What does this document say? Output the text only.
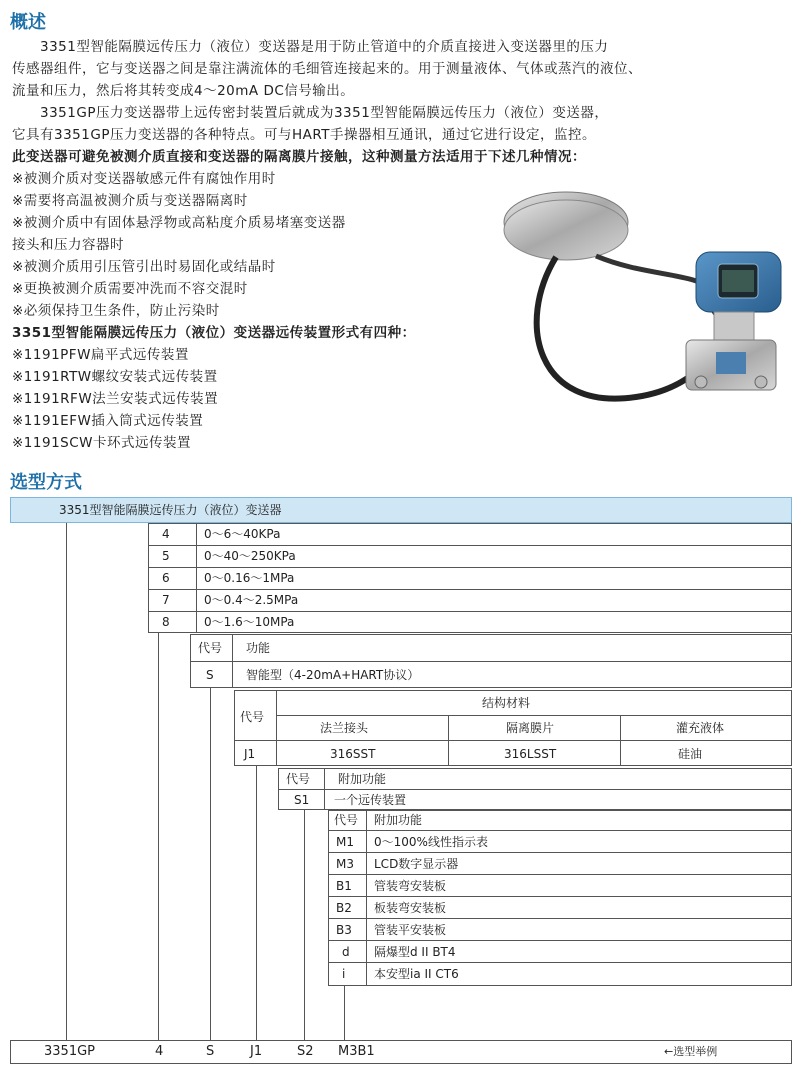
概述
　　3351型智能隔膜远传压力（液位）变送器是用于防止管道中的介质直接进入变送器里的压力
传感器组件，它与变送器之间是靠注满流体的毛细管连接起来的。用于测量液体、气体或蒸汽的液位、
流量和压力，然后将其转变成4～20mA DC信号输出。
　　3351GP压力变送器带上远传密封装置后就成为3351型智能隔膜远传压力（液位）变送器，
它具有3351GP压力变送器的各种特点。可与HART手操器相互通讯，通过它进行设定，监控。
此变送器可避免被测介质直接和变送器的隔离膜片接触，这种测量方法适用于下述几种情况：
※被测介质对变送器敏感元件有腐蚀作用时
※需要将高温被测介质与变送器隔离时
※被测介质中有固体悬浮物或高粘度介质易堵塞变送器
接头和压力容器时
※被测介质用引压管引出时易固化或结晶时
※更换被测介质需要冲洗而不容交混时
※必须保持卫生条件，防止污染时
3351型智能隔膜远传压力（液位）变送器远传装置形式有四种：
※1191PFW扁平式远传装置
※1191RTW螺纹安装式远传装置
※1191RFW法兰安装式远传装置
※1191EFW插入筒式远传装置
※1191SCW卡环式远传装置
选型方式
3351型智能隔膜远传压力（液位）变送器
4	0～6～40KPa
5	0～40～250KPa
6	0～0.16～1MPa
7	0～0.4～2.5MPa
8	0～1.6～10MPa
代号 功能
S	智能型（4-20mA+HART协议）
结构材料
代号
法兰接头	隔离膜片	灌充液体
J1	316SST	316LSST	硅油
代号 附加功能
S1 一个远传装置
代号 附加功能
M1 0～100%线性指示表
M3 LCD数字显示器
B1 管装弯安装板
B2 板装弯安装板
B3 管装平安装板
d 隔爆型d II BT4
i 本安型ia II CT6
3351GP	4	S	J1	S2 M3B1	←选型举例
